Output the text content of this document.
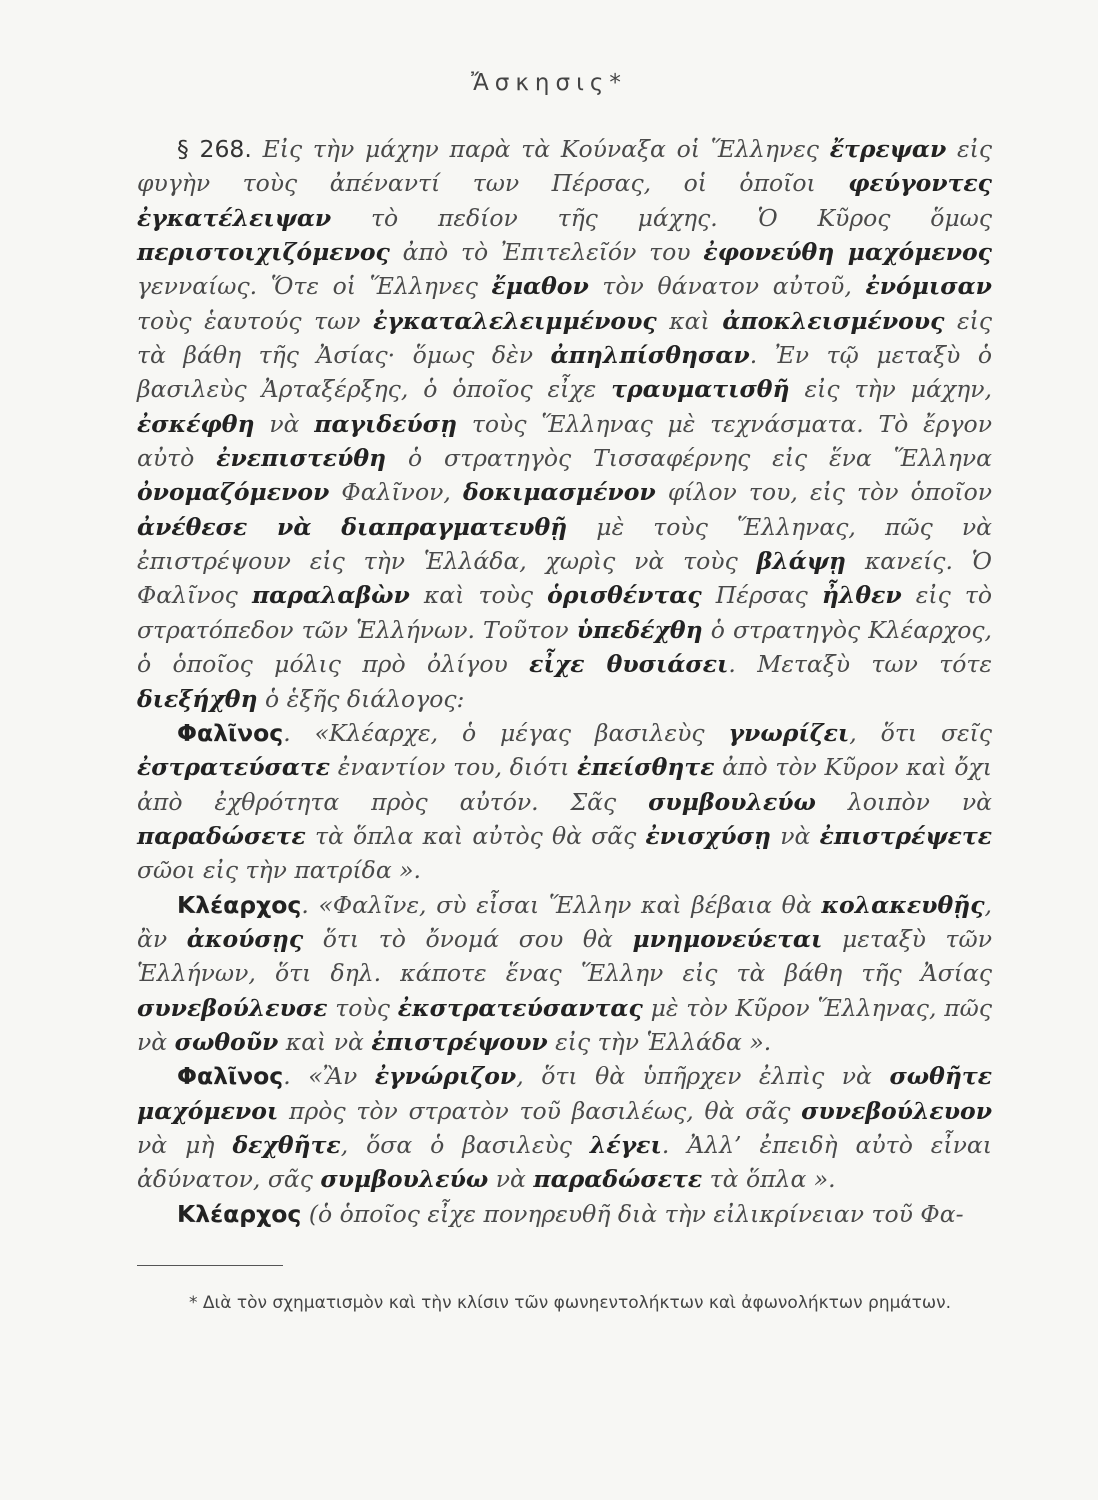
Ἄσκησις*

§ 268. Εἰς τὴν μάχην παρὰ τὰ Κούναξα οἱ Ἕλληνες ἔτρεψαν εἰς φυγὴν τοὺς ἀπέναντί των Πέρσας, οἱ ὁποῖοι φεύγοντες ἐγκατέλειψαν τὸ πεδίον τῆς μάχης. Ὁ Κῦρος ὅμως περιστοιχιζόμενος ἀπὸ τὸ Ἐπιτελεῖόν του ἐφονεύθη μαχόμενος γενναίως. Ὅτε οἱ Ἕλληνες ἔμαθον τὸν θάνατον αὐτοῦ, ἐνόμισαν τοὺς ἑαυτούς των ἐγκαταλελειμμένους καὶ ἀποκλεισμένους εἰς τὰ βάθη τῆς Ἀσίας· ὅμως δὲν ἀπηλπίσθησαν. Ἐν τῷ μεταξὺ ὁ βασιλεὺς Ἀρταξέρξης, ὁ ὁποῖος εἶχε τραυματισθῆ εἰς τὴν μάχην, ἐσκέφθη νὰ παγιδεύσῃ τοὺς Ἕλληνας μὲ τεχνάσματα. Τὸ ἔργον αὐτὸ ἐνεπιστεύθη ὁ στρατηγὸς Τισσαφέρνης εἰς ἕνα Ἕλληνα ὀνομαζόμενον Φαλῖνον, δοκιμασμένον φίλον του, εἰς τὸν ὁποῖον ἀνέθεσε νὰ διαπραγματευθῇ μὲ τοὺς Ἕλληνας, πῶς νὰ ἐπιστρέψουν εἰς τὴν Ἑλλάδα, χωρὶς νὰ τοὺς βλάψῃ κανείς. Ὁ Φαλῖνος παραλαβὼν καὶ τοὺς ὁρισθέντας Πέρσας ἦλθεν εἰς τὸ στρατόπεδον τῶν Ἑλλήνων. Τοῦτον ὑπεδέχθη ὁ στρατηγὸς Κλέαρχος, ὁ ὁποῖος μόλις πρὸ ὀλίγου εἶχε θυσιάσει. Μεταξὺ των τότε διεξήχθη ὁ ἑξῆς διάλογος:

Φαλῖνος. «Κλέαρχε, ὁ μέγας βασιλεὺς γνωρίζει, ὅτι σεῖς ἐστρατεύσατε ἐναντίον του, διότι ἐπείσθητε ἀπὸ τὸν Κῦρον καὶ ὄχι ἀπὸ ἐχθρότητα πρὸς αὐτόν. Σᾶς συμβουλεύω λοιπὸν νὰ παραδώσετε τὰ ὅπλα καὶ αὐτὸς θὰ σᾶς ἐνισχύσῃ νὰ ἐπιστρέψετε σῶοι εἰς τὴν πατρίδα ».

Κλέαρχος. «Φαλῖνε, σὺ εἶσαι Ἕλλην καὶ βέβαια θὰ κολακευθῇς, ἂν ἀκούσῃς ὅτι τὸ ὄνομά σου θὰ μνημονεύεται μεταξὺ τῶν Ἑλλήνων, ὅτι δηλ. κάποτε ἕνας Ἕλλην εἰς τὰ βάθη τῆς Ἀσίας συνεβούλευσε τοὺς ἐκστρατεύσαντας μὲ τὸν Κῦρον Ἕλληνας, πῶς νὰ σωθοῦν καὶ νὰ ἐπιστρέψουν εἰς τὴν Ἑλλάδα ».

Φαλῖνος. «Ἂν ἐγνώριζον, ὅτι θὰ ὑπῆρχεν ἐλπὶς νὰ σωθῆτε μαχόμενοι πρὸς τὸν στρατὸν τοῦ βασιλέως, θὰ σᾶς συνεβούλευον νὰ μὴ δεχθῆτε, ὅσα ὁ βασιλεὺς λέγει. Ἀλλ’ ἐπειδὴ αὐτὸ εἶναι ἀδύνατον, σᾶς συμβουλεύω νὰ παραδώσετε τὰ ὅπλα ».

Κλέαρχος (ὁ ὁποῖος εἶχε πονηρευθῆ διὰ τὴν εἰλικρίνειαν τοῦ Φα-

* Διὰ τὸν σχηματισμὸν καὶ τὴν κλίσιν τῶν φωνηεντολήκτων καὶ ἀφωνολήκτων ρημάτων.
